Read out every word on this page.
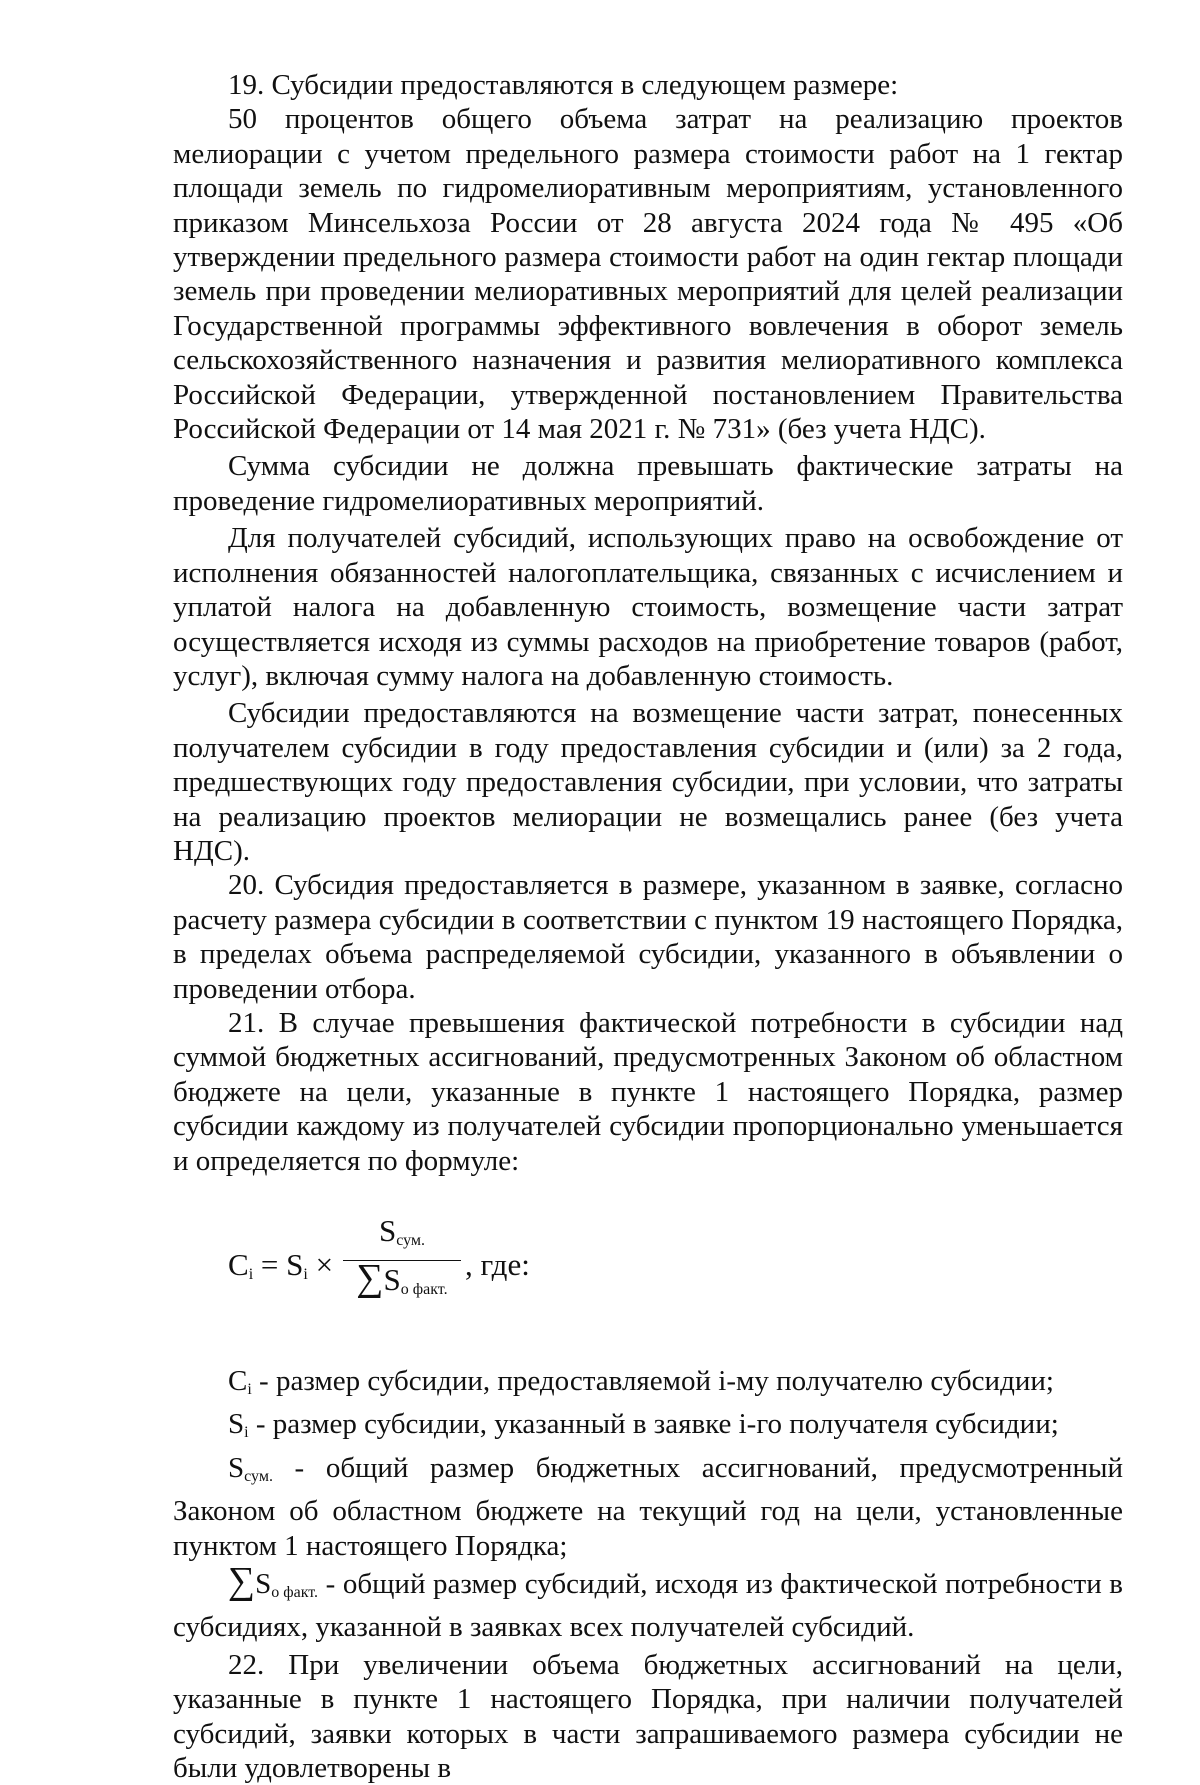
19. Субсидии предоставляются в следующем размере:

50 процентов общего объема затрат на реализацию проектов мелиорации с учетом предельного размера стоимости работ на 1 гектар площади земель по гидромелиоративным мероприятиям, установленного приказом Минсельхоза России от 28 августа 2024 года № 495 «Об утверждении предельного размера стоимости работ на один гектар площади земель при проведении мелиоративных мероприятий для целей реализации Государственной программы эффективного вовлечения в оборот земель сельскохозяйственного назначения и развития мелиоративного комплекса Российской Федерации, утвержденной постановлением Правительства Российской Федерации от 14 мая 2021 г. № 731» (без учета НДС).

Сумма субсидии не должна превышать фактические затраты на проведение гидромелиоративных мероприятий.

Для получателей субсидий, использующих право на освобождение от исполнения обязанностей налогоплательщика, связанных с исчислением и уплатой налога на добавленную стоимость, возмещение части затрат осуществляется исходя из суммы расходов на приобретение товаров (работ, услуг), включая сумму налога на добавленную стоимость.

Субсидии предоставляются на возмещение части затрат, понесенных получателем субсидии в году предоставления субсидии и (или) за 2 года, предшествующих году предоставления субсидии, при условии, что затраты на реализацию проектов мелиорации не возмещались ранее (без учета НДС).

20. Субсидия предоставляется в размере, указанном в заявке, согласно расчету размера субсидии в соответствии с пунктом 19 настоящего Порядка, в пределах объема распределяемой субсидии, указанного в объявлении о проведении отбора.

21. В случае превышения фактической потребности в субсидии над суммой бюджетных ассигнований, предусмотренных Законом об областном бюджете на цели, указанные в пункте 1 настоящего Порядка, размер субсидии каждому из получателей субсидии пропорционально уменьшается и определяется по формуле:

$C_i = S_i$ ×
$S_{сум.}$
$\sum S_{о факт.}$
, где:

$C_i$ - размер субсидии, предоставляемой i-му получателю субсидии;

$S_i$ - размер субсидии, указанный в заявке i-го получателя субсидии;

$S_{сум.}$ - общий размер бюджетных ассигнований, предусмотренный Законом об областном бюджете на текущий год на цели, установленные пунктом 1 настоящего Порядка;

$\sum S_{о факт.}$ - общий размер субсидий, исходя из фактической потребности в субсидиях, указанной в заявках всех получателей субсидий.

22. При увеличении объема бюджетных ассигнований на цели, указанные в пункте 1 настоящего Порядка, при наличии получателей субсидий, заявки которых в части запрашиваемого размера субсидии не были удовлетворены в
